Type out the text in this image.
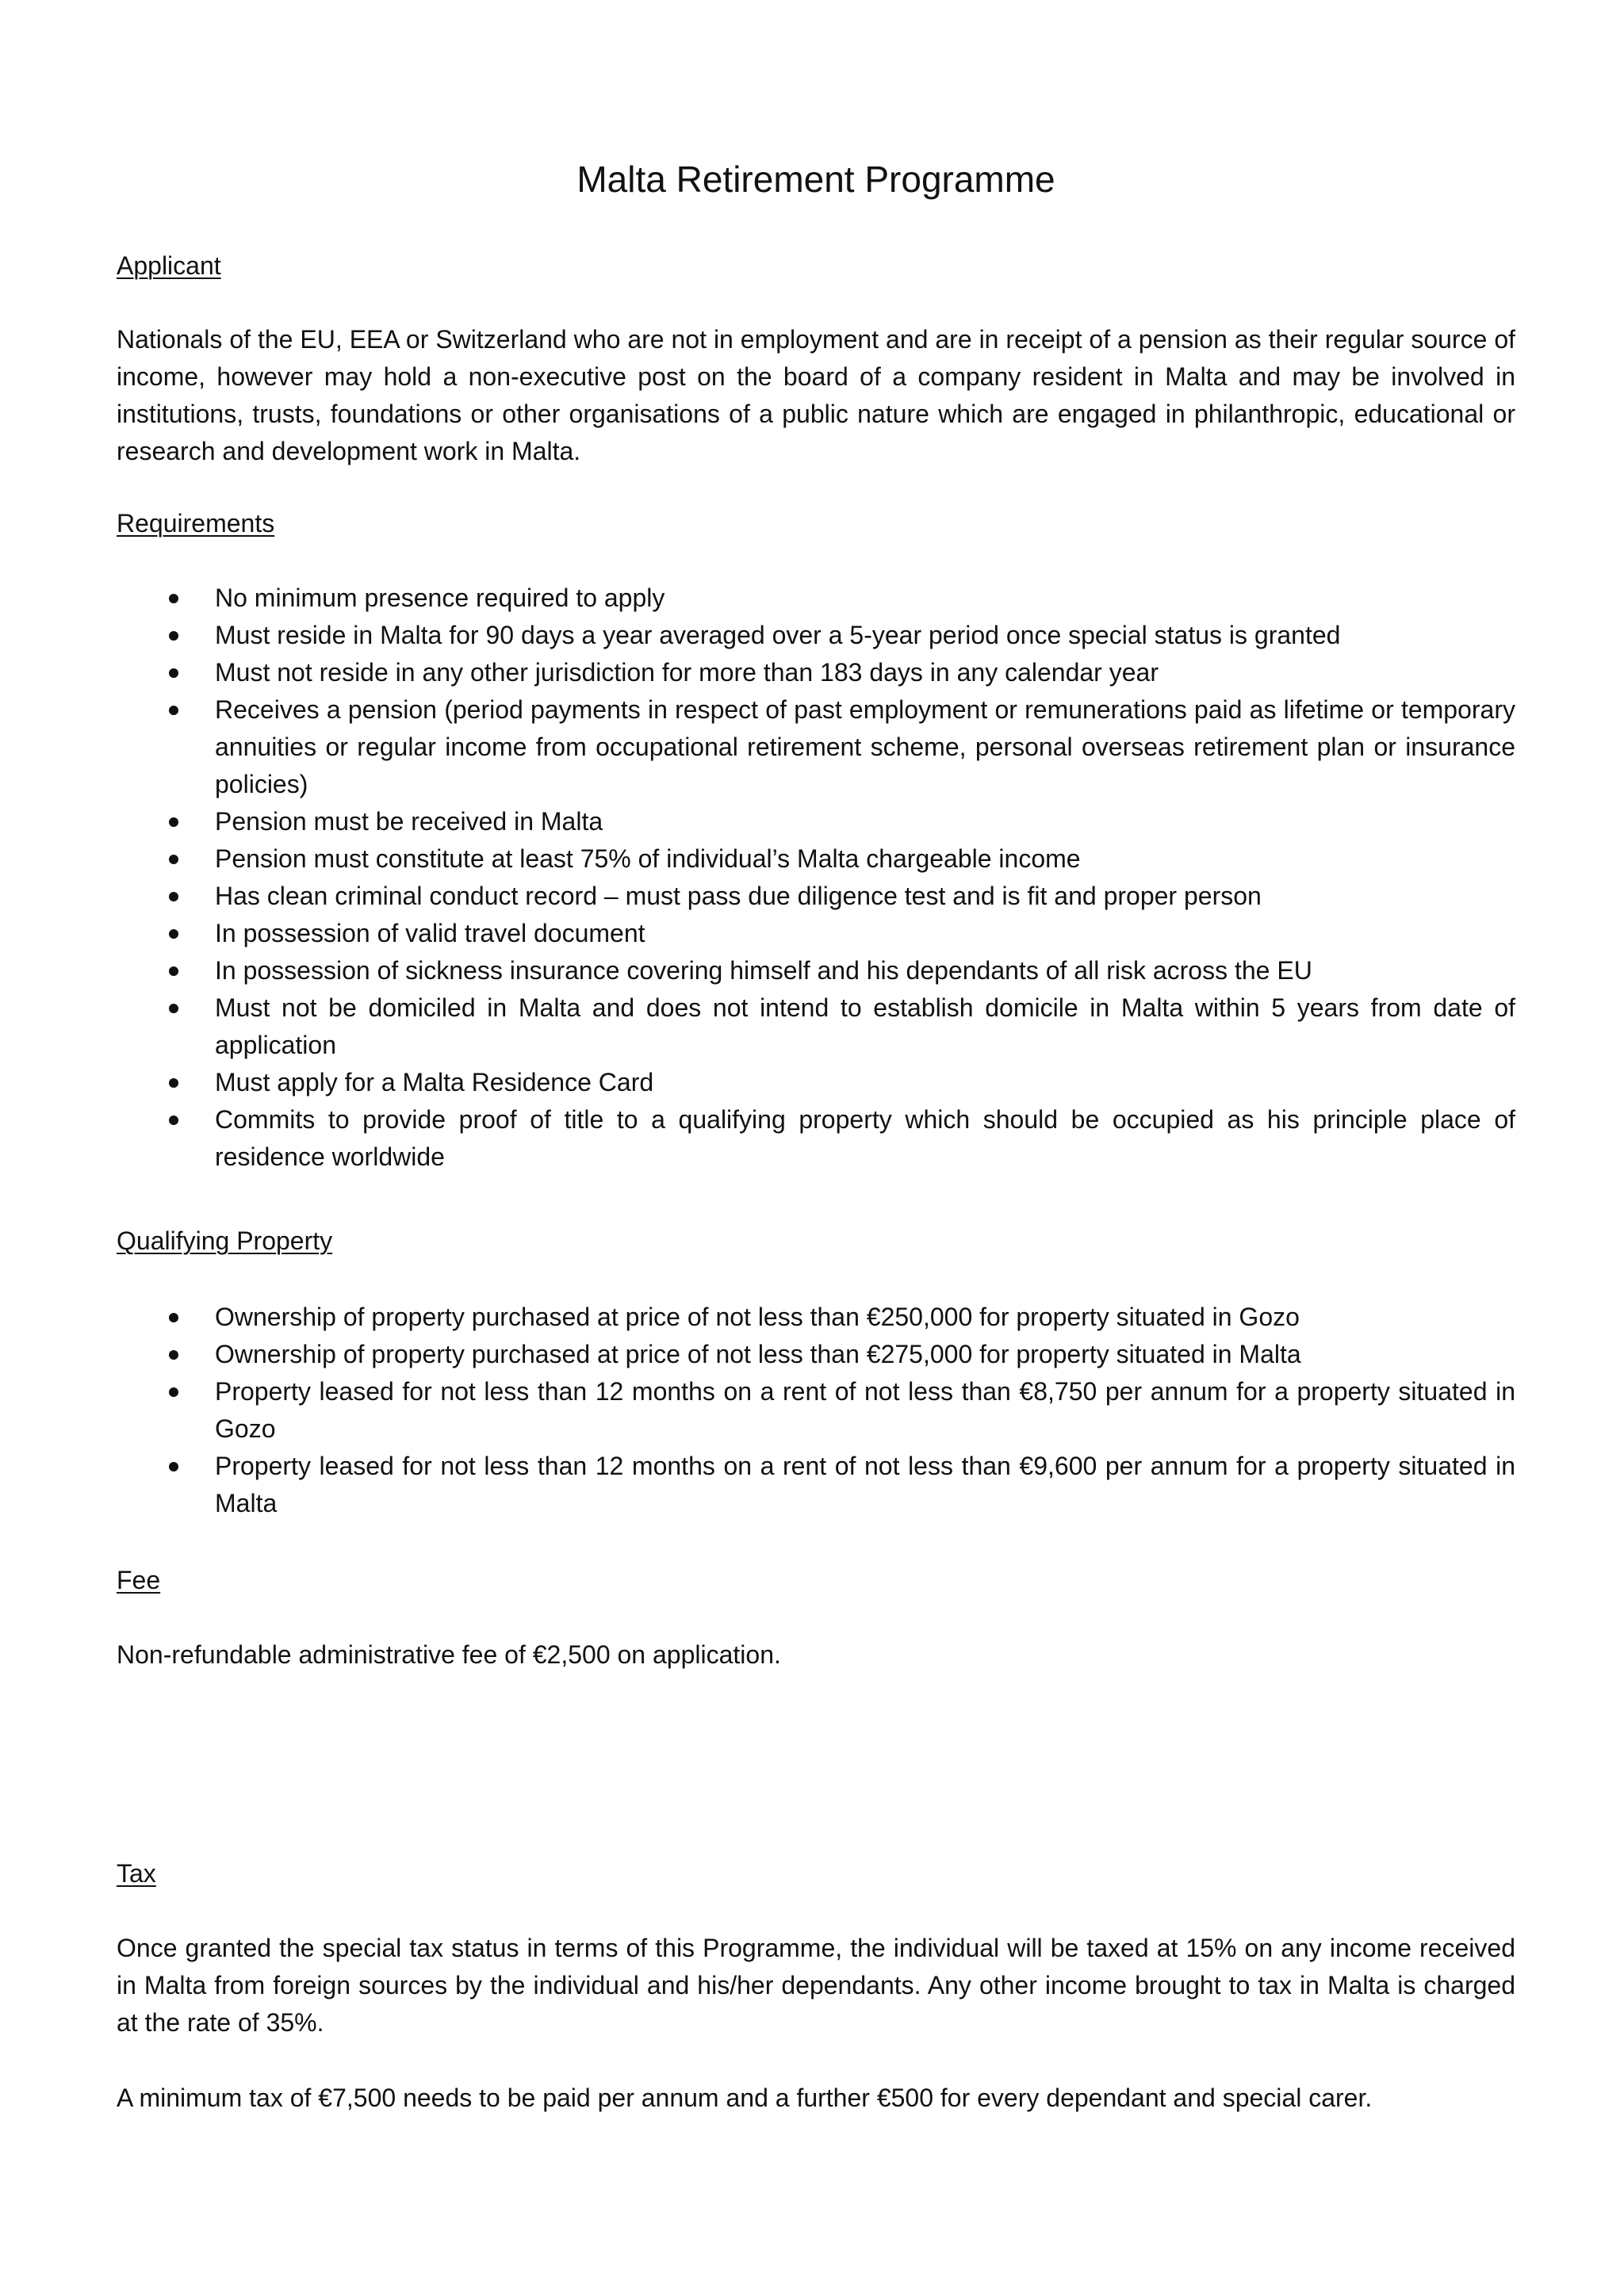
Malta Retirement Programme
Applicant

Nationals of the EU, EEA or Switzerland who are not in employment and are in receipt of a pension as their regular source of income, however may hold a non-executive post on the board of a company resident in Malta and may be involved in institutions, trusts, foundations or other organisations of a public nature which are engaged in philanthropic, educational or research and development work in Malta.

Requirements
No minimum presence required to apply
Must reside in Malta for 90 days a year averaged over a 5-year period once special status is granted
Must not reside in any other jurisdiction for more than 183 days in any calendar year
Receives a pension (period payments in respect of past employment or remunerations paid as lifetime or temporary annuities or regular income from occupational retirement scheme, personal overseas retirement plan or insurance policies)
Pension must be received in Malta
Pension must constitute at least 75% of individual’s Malta chargeable income
Has clean criminal conduct record – must pass due diligence test and is fit and proper person
In possession of valid travel document
In possession of sickness insurance covering himself and his dependants of all risk across the EU
Must not be domiciled in Malta and does not intend to establish domicile in Malta within 5 years from date of application
Must apply for a Malta Residence Card
Commits to provide proof of title to a qualifying property which should be occupied as his principle place of residence worldwide
Qualifying Property
Ownership of property purchased at price of not less than €250,000 for property situated in Gozo
Ownership of property purchased at price of not less than €275,000 for property situated in Malta
Property leased for not less than 12 months on a rent of not less than €8,750 per annum for a property situated in Gozo
Property leased for not less than 12 months on a rent of not less than €9,600 per annum for a property situated in Malta
Fee

Non-refundable administrative fee of €2,500 on application.

Tax

Once granted the special tax status in terms of this Programme, the individual will be taxed at 15% on any income received in Malta from foreign sources by the individual and his/her dependants. Any other income brought to tax in Malta is charged at the rate of 35%.

A minimum tax of €7,500 needs to be paid per annum and a further €500 for every dependant and special carer.
